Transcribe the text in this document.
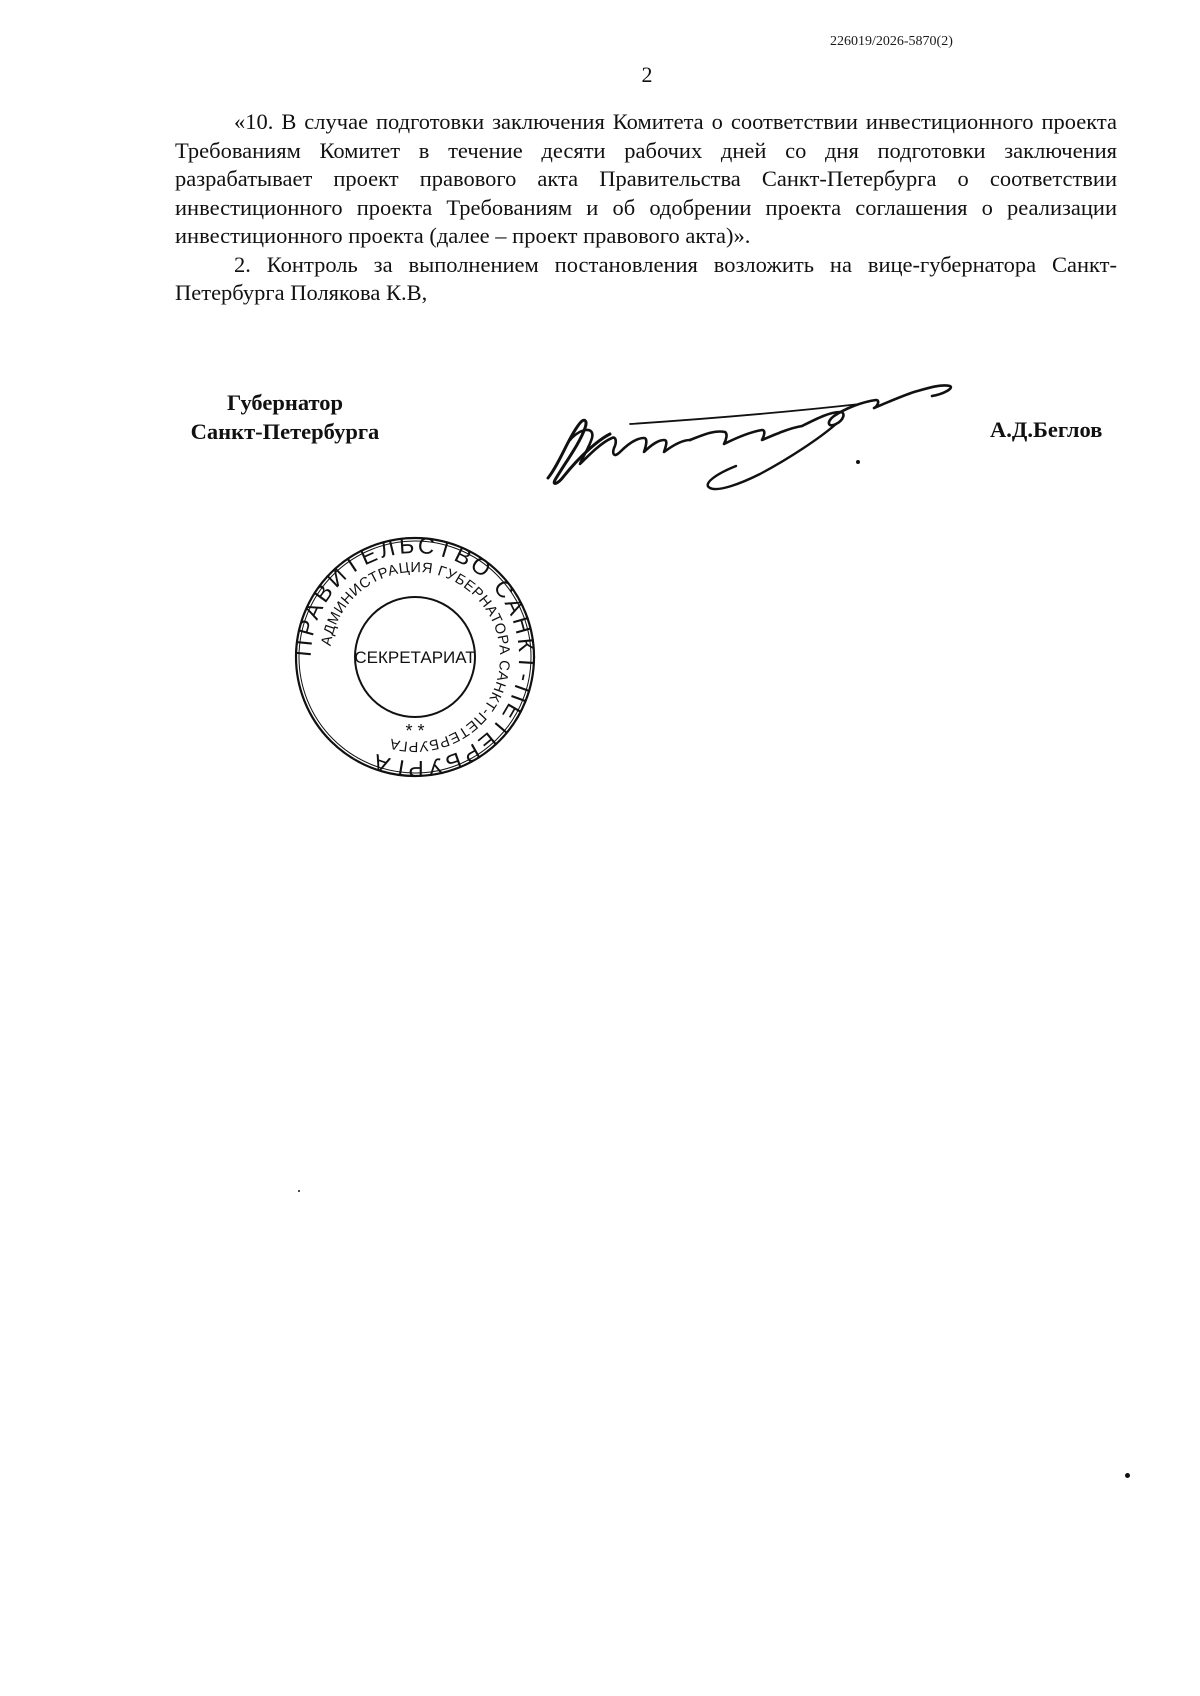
226019/2026-5870(2)
2

«10. В случае подготовки заключения Комитета о соответствии инвестиционного проекта Требованиям Комитет в течение десяти рабочих дней со дня подготовки заключения разрабатывает проект правового акта Правительства Санкт-Петербурга о соответствии инвестиционного проекта Требованиям и об одобрении проекта соглашения о реализации инвестиционного проекта (далее – проект правового акта)».

2. Контроль за выполнением постановления возложить на вице-губернатора Санкт-Петербурга Полякова К.В,

Губернатор
Санкт-Петербурга	А.Д.Беглов
ПРАВИТЕЛЬСТВО САНКТ-ПЕТЕРБУРГА
АДМИНИСТРАЦИЯ ГУБЕРНАТОРА САНКТ-ПЕТЕРБУРГА
СЕКРЕТАРИАТ
* *
